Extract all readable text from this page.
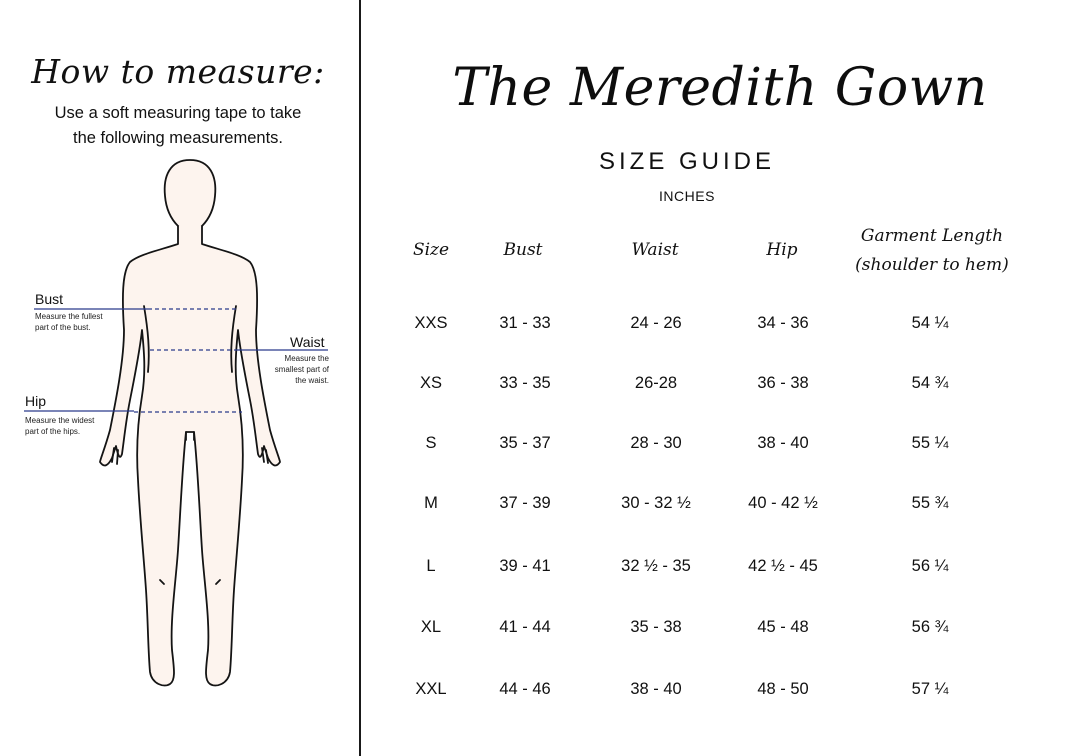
How to measure:
Use a soft measuring tape to take
the following measurements.
Bust
Measure the fullest
part of the bust.
Waist
Measure the
smallest part of
the waist.
Hip
Measure the widest
part of the hips.
The Meredith Gown
SIZE GUIDE
INCHES
Size	Bust	Waist	Hip
Garment Length
(shoulder to hem)
XXS	31 - 33	24 - 26	34 - 36	54 ¼
XS	33 - 35	26-28	36 - 38	54 ¾
S	35 - 37	28 - 30	38 - 40	55 ¼
M	37 - 39	30 - 32 ½	40 - 42 ½	55 ¾
L	39 - 41	32 ½ - 35	42 ½ - 45	56 ¼
XL	41 - 44	35 - 38	45 - 48	56 ¾
XXL	44 - 46	38 - 40	48 - 50	57 ¼
